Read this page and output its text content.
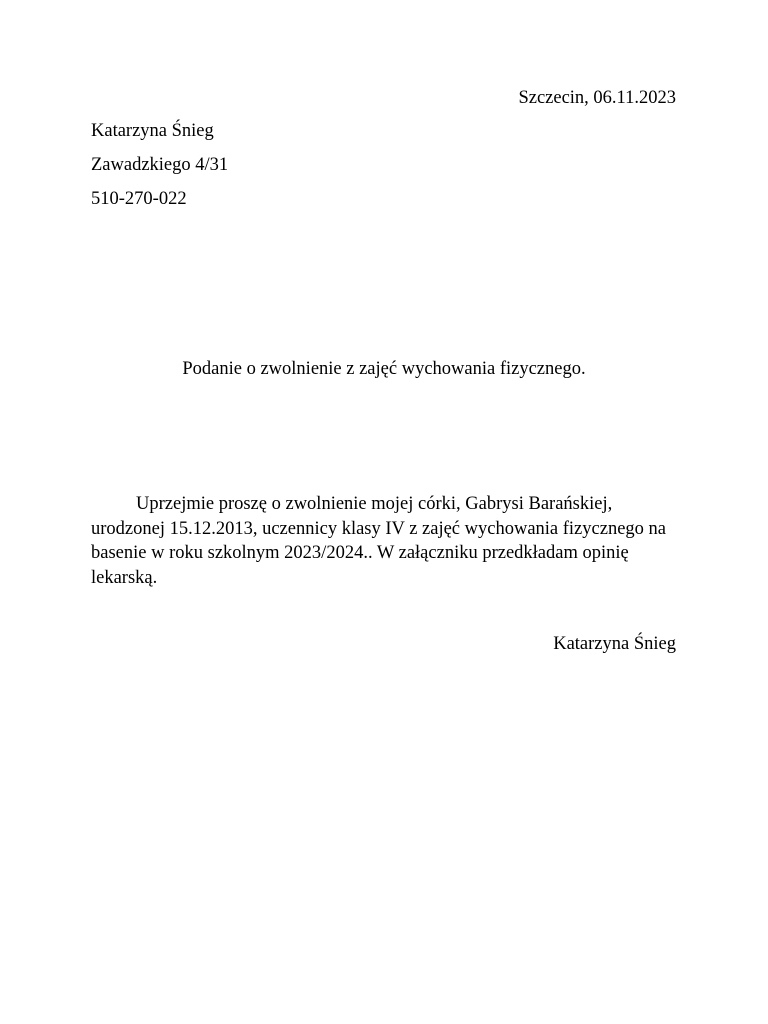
Szczecin, 06.11.2023
Katarzyna Śnieg
Zawadzkiego 4/31
510-270-022
Podanie o zwolnienie z zajęć wychowania fizycznego.
Uprzejmie proszę o zwolnienie mojej córki, Gabrysi Barańskiej, urodzonej 15.12.2013, uczennicy klasy IV z zajęć wychowania fizycznego na basenie w roku szkolnym 2023/2024.. W załączniku przedkładam opinię lekarską.
Katarzyna Śnieg
